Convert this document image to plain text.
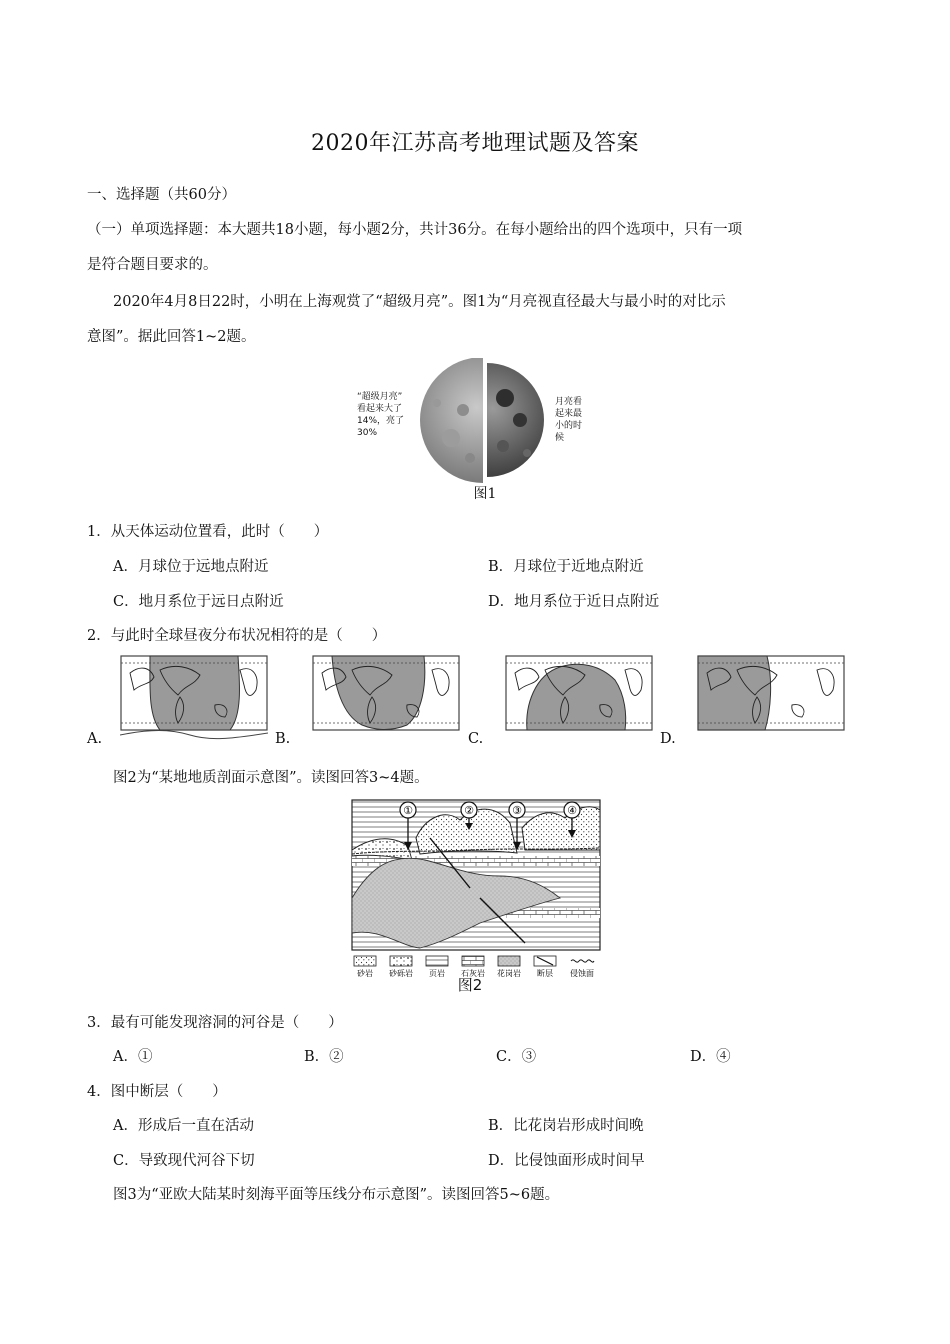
2020年江苏高考地理试题及答案
一、选择题（共60分）
（一）单项选择题：本大题共18小题，每小题2分，共计36分。在每小题给出的四个选项中，只有一项
是符合题目要求的。
2020年4月8日22时，小明在上海观赏了“超级月亮”。图1为“月亮视直径最大与最小时的对比示
意图”。据此回答1~2题。
“超级月亮”
看起来大了
14%，亮了
30%
月亮看
起来最
小的时
候
图1
1．从天体运动位置看，此时（　　）
A．月球位于远地点附近	B．月球位于近地点附近
C．地月系位于远日点附近	D．地月系位于近日点附近
2．与此时全球昼夜分布状况相符的是（　　）
A.	B.	C.	D.
图2为“某地地质剖面示意图”。读图回答3~4题。
①	②	③	④
砂岩 砂砾岩 页岩 石灰岩 花岗岩 断层 侵蚀面
图2
3．最有可能发现溶洞的河谷是（　　）
A．①	B．②	C．③	D．④
4．图中断层（　　）
A．形成后一直在活动	B．比花岗岩形成时间晚
C．导致现代河谷下切	D．比侵蚀面形成时间早
图3为“亚欧大陆某时刻海平面等压线分布示意图”。读图回答5~6题。
